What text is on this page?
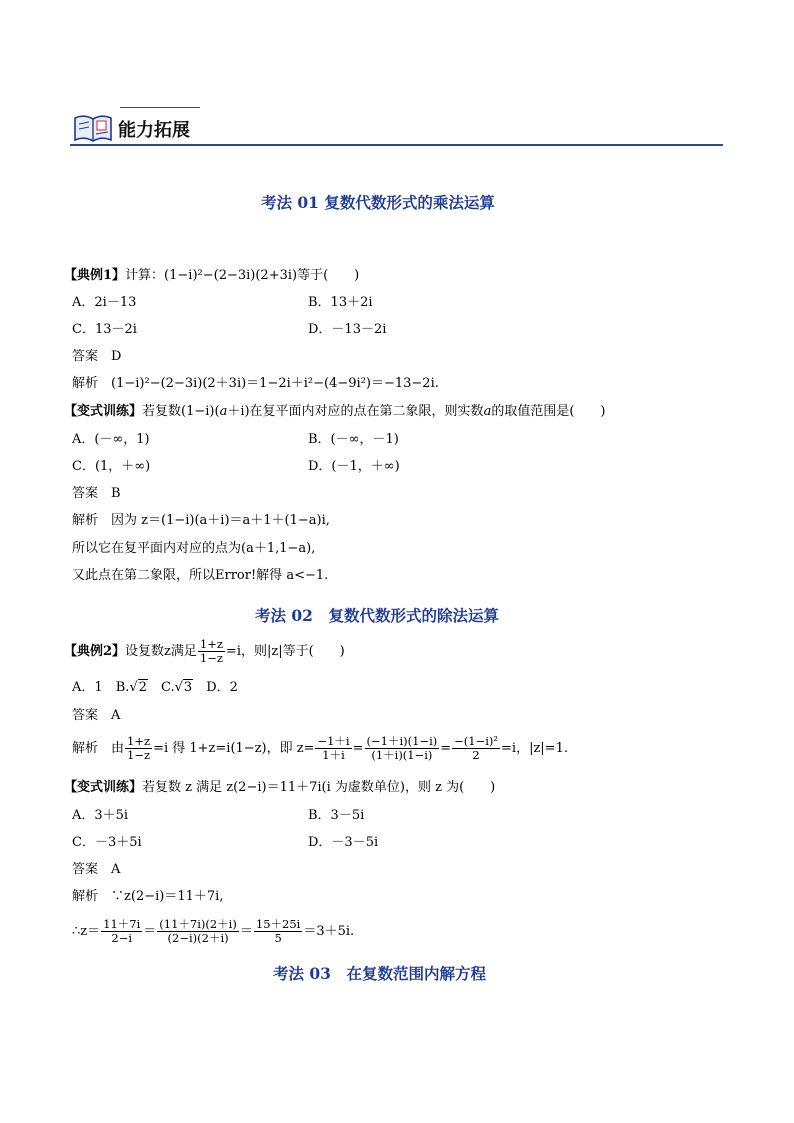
能力拓展
考法 01 复数代数形式的乘法运算
【典例1】计算：(1−i)²−(2−3i)(2+3i)等于(　　)
A．2i－13	B．13＋2i
C．13－2i	D．－13－2i
答案　 D
解析　 (1−i)²−(2−3i)(2＋3i)＝1−2i＋i²−(4−9i²)＝−13−2i.
【变式训练】若复数(1−i)(a＋i)在复平面内对应的点在第二象限，则实数a的取值范围是(　　)
A．(－∞，1)	B．(－∞，－1)
C．(1，＋∞)	D．(－1，＋∞)
答案　 B
解析　 因为 z＝(1−i)(a＋i)＝a＋1＋(1−a)i,
所以它在复平面内对应的点为(a＋1,1−a),
又此点在第二象限，所以Error!解得 a<−1.
考法 02　复数代数形式的除法运算
【典例2】设复数z满足 $\frac{1+z}{1-z} =i$，则|z|等于(　　)
A．1　 B.√2　 C.√3　 D．2
答案　 A
解析　 由 $\frac{1+z}{1-z} =i$ 得 1+z=i(1−z)，即 $z= \frac{-1+i}{1+i} = \frac{(-1+i)(1-i)}{(1+i)(1-i)} = \frac{\text{−(1−i)²}}{2} =i$，|z|=1.
【变式训练】若复数 z 满足 z(2−i)＝11＋7i(i 为虚数单位)，则 z 为(　　)
A．3＋5i	B．3－5i
C．－3＋5i	D．－3－5i
答案　 A
解析　 ∵z(2−i)＝11＋7i,
∴z＝ $\frac{11+7i}{2-i} = \frac{(11+7i)(2+i)}{(2-i)(2+i)} = \frac{15+25i}{5} =3+5i$.
考法 03　在复数范围内解方程
